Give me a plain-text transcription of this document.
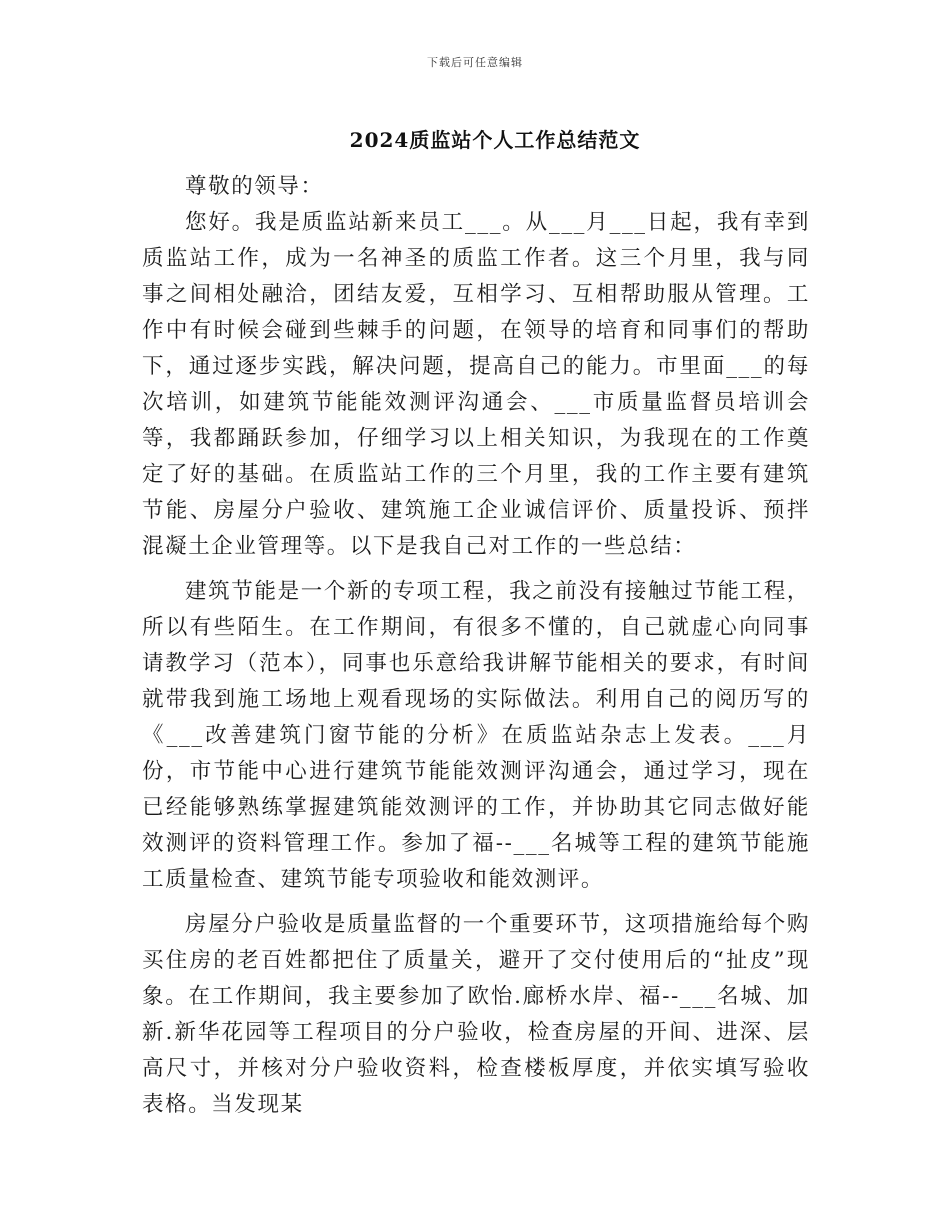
下载后可任意编辑
2024质监站个人工作总结范文

尊敬的领导：

您好。我是质监站新来员工___。从___月___日起，我有幸到质监站工作，成为一名神圣的质监工作者。这三个月里，我与同事之间相处融洽，团结友爱，互相学习、互相帮助服从管理。工作中有时候会碰到些棘手的问题，在领导的培育和同事们的帮助下，通过逐步实践，解决问题，提高自己的能力。市里面___的每次培训，如建筑节能能效测评沟通会、___市质量监督员培训会等，我都踊跃参加，仔细学习以上相关知识，为我现在的工作奠定了好的基础。在质监站工作的三个月里，我的工作主要有建筑节能、房屋分户验收、建筑施工企业诚信评价、质量投诉、预拌混凝土企业管理等。以下是我自己对工作的一些总结：

建筑节能是一个新的专项工程，我之前没有接触过节能工程，所以有些陌生。在工作期间，有很多不懂的，自己就虚心向同事请教学习（范本），同事也乐意给我讲解节能相关的要求，有时间就带我到施工场地上观看现场的实际做法。利用自己的阅历写的《___改善建筑门窗节能的分析》在质监站杂志上发表。___月份，市节能中心进行建筑节能能效测评沟通会，通过学习，现在已经能够熟练掌握建筑能效测评的工作，并协助其它同志做好能效测评的资料管理工作。参加了福--___名城等工程的建筑节能施工质量检查、建筑节能专项验收和能效测评。

房屋分户验收是质量监督的一个重要环节，这项措施给每个购买住房的老百姓都把住了质量关，避开了交付使用后的“扯皮”现象。在工作期间，我主要参加了欧怡.廊桥水岸、福--___名城、加新.新华花园等工程项目的分户验收，检查房屋的开间、进深、层高尺寸，并核对分户验收资料，检查楼板厚度，并依实填写验收表格。当发现某
